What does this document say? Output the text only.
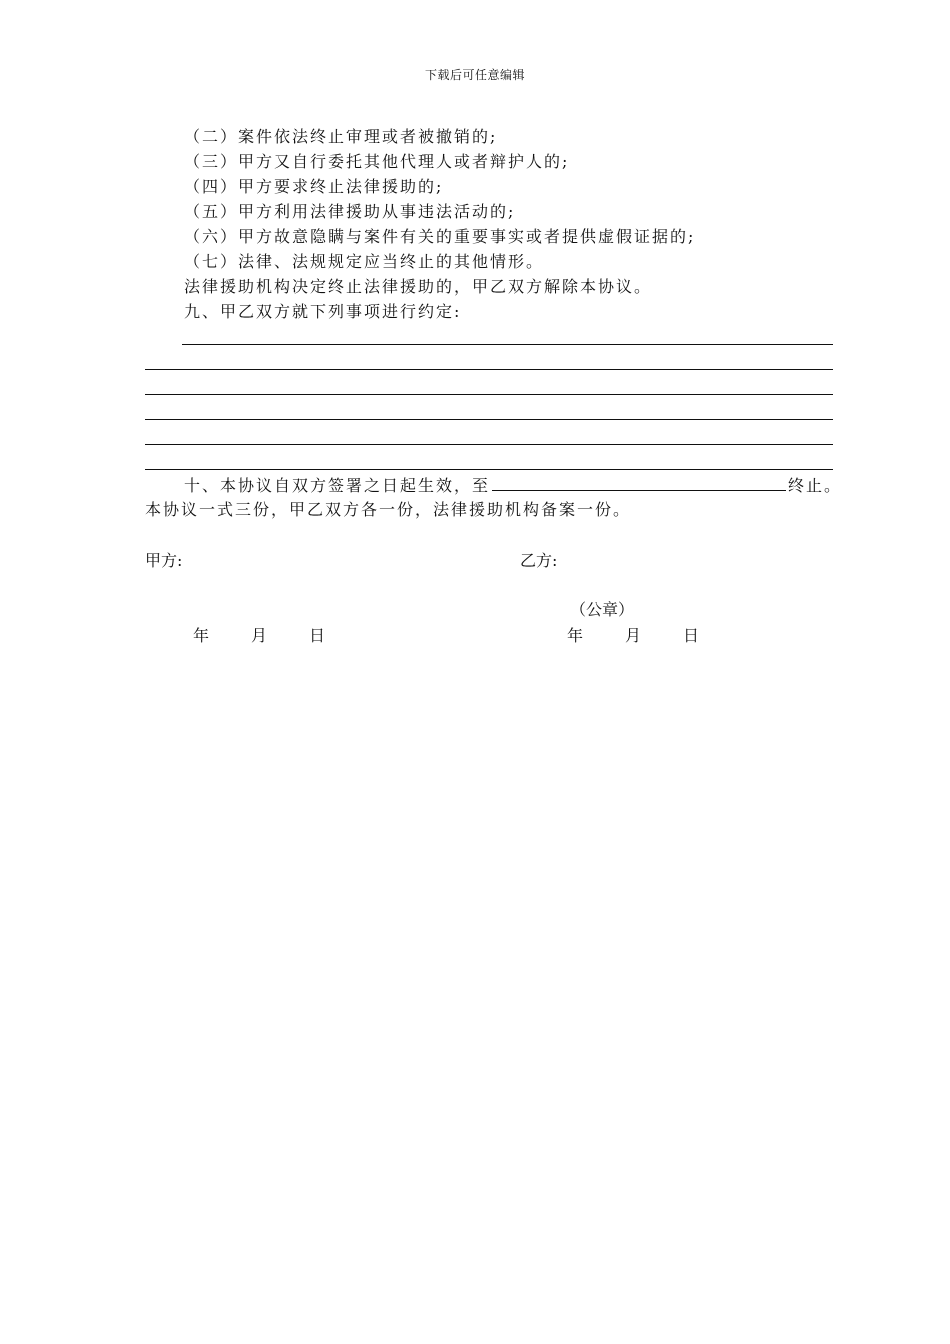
下载后可任意编辑
（二）案件依法终止审理或者被撤销的;
（三）甲方又自行委托其他代理人或者辩护人的;
（四）甲方要求终止法律援助的;
（五）甲方利用法律援助从事违法活动的;
（六）甲方故意隐瞒与案件有关的重要事实或者提供虚假证据的;
（七）法律、法规规定应当终止的其他情形。
法律援助机构决定终止法律援助的，甲乙双方解除本协议。
九、甲乙双方就下列事项进行约定:
十、本协议自双方签署之日起生效，至	终止。
本协议一式三份，甲乙双方各一份，法律援助机构备案一份。
甲方:	乙方:
（公章）
年	月	日	年	月	日
